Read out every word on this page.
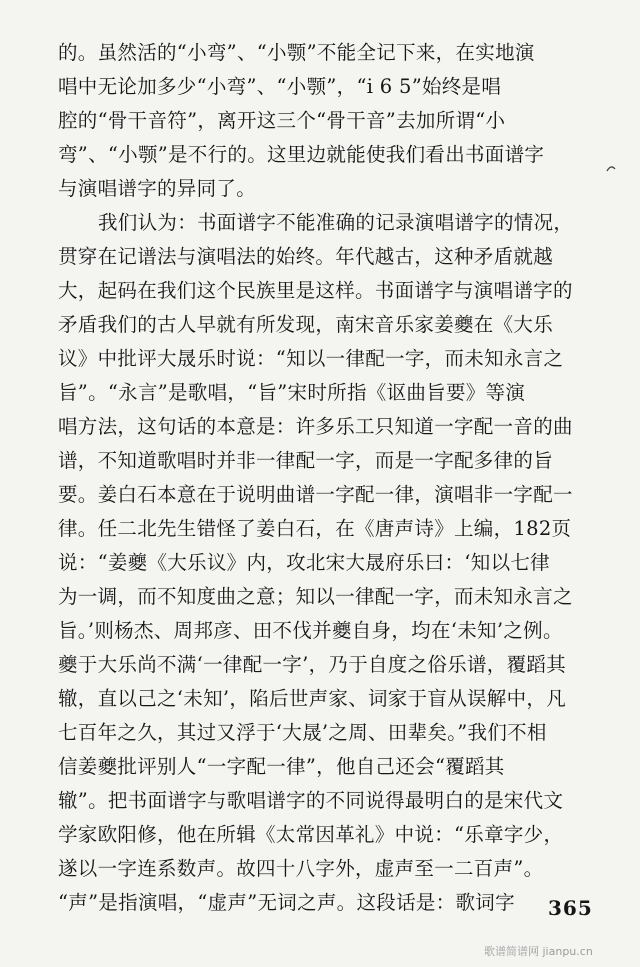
的。虽然活的“小弯”、“小颚”不能全记下来，在实地演
唱中无论加多少“小弯”、“小颚”，“i 6 5”始终是唱
腔的“骨干音符”，离开这三个“骨干音”去加所谓“小
弯”、“小颚”是不行的。这里边就能使我们看出书面谱字
与演唱谱字的异同了。
我们认为：书面谱字不能准确的记录演唱谱字的情况，
贯穿在记谱法与演唱法的始终。年代越古，这种矛盾就越
大，起码在我们这个民族里是这样。书面谱字与演唱谱字的
矛盾我们的古人早就有所发现，南宋音乐家姜夔在《大乐
议》中批评大晟乐时说：“知以一律配一字，而未知永言之
旨”。“永言”是歌唱，“旨”宋时所指《讴曲旨要》等演
唱方法，这句话的本意是：许多乐工只知道一字配一音的曲
谱，不知道歌唱时并非一律配一字，而是一字配多律的旨
要。姜白石本意在于说明曲谱一字配一律，演唱非一字配一
律。任二北先生错怪了姜白石，在《唐声诗》上编，182页
说：“姜夔《大乐议》内，攻北宋大晟府乐曰：‘知以七律
为一调，而不知度曲之意；知以一律配一字，而未知永言之
旨。’则杨杰、周邦彦、田不伐并夔自身，均在‘未知’之例。
夔于大乐尚不满‘一律配一字’，乃于自度之俗乐谱，覆蹈其
辙，直以己之‘未知’，陷后世声家、词家于盲从误解中，凡
七百年之久，其过又浮于‘大晟’之周、田辈矣。”我们不相
信姜夔批评别人“一字配一律”，他自己还会“覆蹈其
辙”。把书面谱字与歌唱谱字的不同说得最明白的是宋代文
学家欧阳修，他在所辑《太常因革礼》中说：“乐章字少，
遂以一字连系数声。故四十八字外，虚声至一二百声”。
“声”是指演唱，“虚声”无词之声。这段话是：歌词字	365
歌谱简谱网 jianpu.cn
